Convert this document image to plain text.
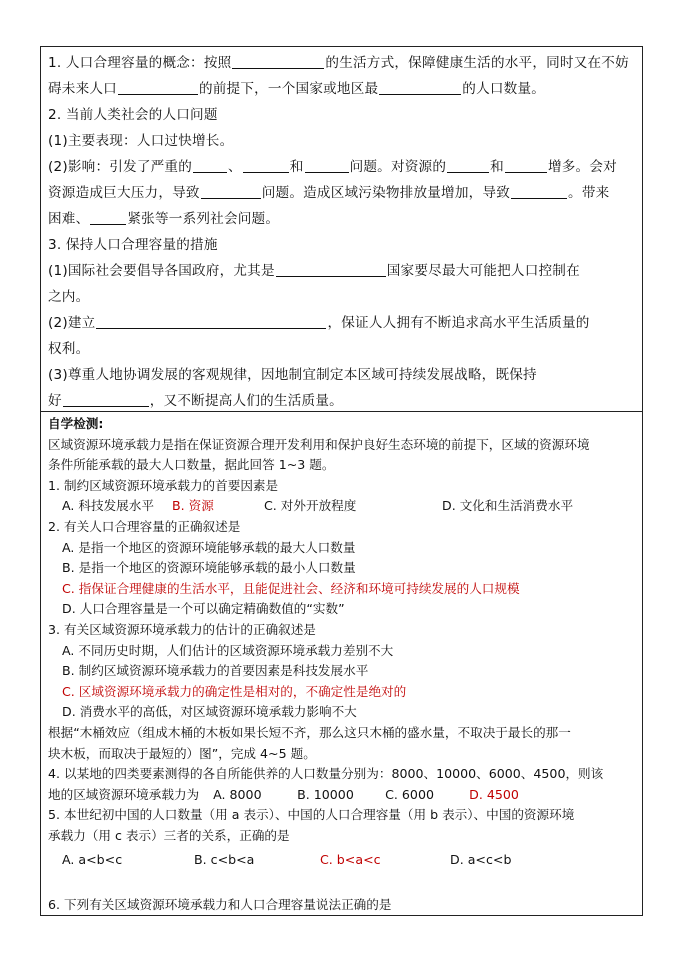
1. 人口合理容量的概念：按照	的生活方式，保障健康生活的水平，同时又在不妨
碍未来人口	的前提下，一个国家或地区最	的人口数量。
2. 当前人类社会的人口问题
(1)主要表现：人口过快增长。
(2)影响：引发了严重的	、	和	问题。对资源的	和	增多。会对
资源造成巨大压力，导致	问题。造成区域污染物排放量增加，导致	。带来
困难、	紧张等一系列社会问题。
3. 保持人口合理容量的措施
(1)国际社会要倡导各国政府，尤其是	国家要尽最大可能把人口控制在
之内。
(2)建立	，保证人人拥有不断追求高水平生活质量的
权利。
(3)尊重人地协调发展的客观规律，因地制宜制定本区域可持续发展战略，既保持
好	，又不断提高人们的生活质量。
自学检测:
区域资源环境承载力是指在保证资源合理开发利用和保护良好生态环境的前提下，区域的资源环境
条件所能承载的最大人口数量，据此回答 1~3 题。
1. 制约区域资源环境承载力的首要因素是
A. 科技发展水平 B. 资源	C. 对外开放程度	D. 文化和生活消费水平
2. 有关人口合理容量的正确叙述是
A. 是指一个地区的资源环境能够承载的最大人口数量
B. 是指一个地区的资源环境能够承载的最小人口数量
C. 指保证合理健康的生活水平，且能促进社会、经济和环境可持续发展的人口规模
D. 人口合理容量是一个可以确定精确数值的“实数”
3. 有关区域资源环境承载力的估计的正确叙述是
A. 不同历史时期，人们估计的区域资源环境承载力差别不大
B. 制约区域资源环境承载力的首要因素是科技发展水平
C. 区域资源环境承载力的确定性是相对的，不确定性是绝对的
D. 消费水平的高低，对区域资源环境承载力影响不大
根据“木桶效应（组成木桶的木板如果长短不齐，那么这只木桶的盛水量，不取决于最长的那一
块木板，而取决于最短的）图”，完成 4~5 题。
4. 以某地的四类要素测得的各自所能供养的人口数量分别为：8000、10000、6000、4500，则该
地的区域资源环境承载力为 A. 8000	B. 10000 C. 6000	D. 4500
5. 本世纪初中国的人口数量（用 a 表示）、中国的人口合理容量（用 b 表示）、中国的资源环境
承载力（用 c 表示）三者的关系，正确的是
A. a<b<c	B. c<b<a	C. b<a<c	D. a<c<b
6. 下列有关区域资源环境承载力和人口合理容量说法正确的是
